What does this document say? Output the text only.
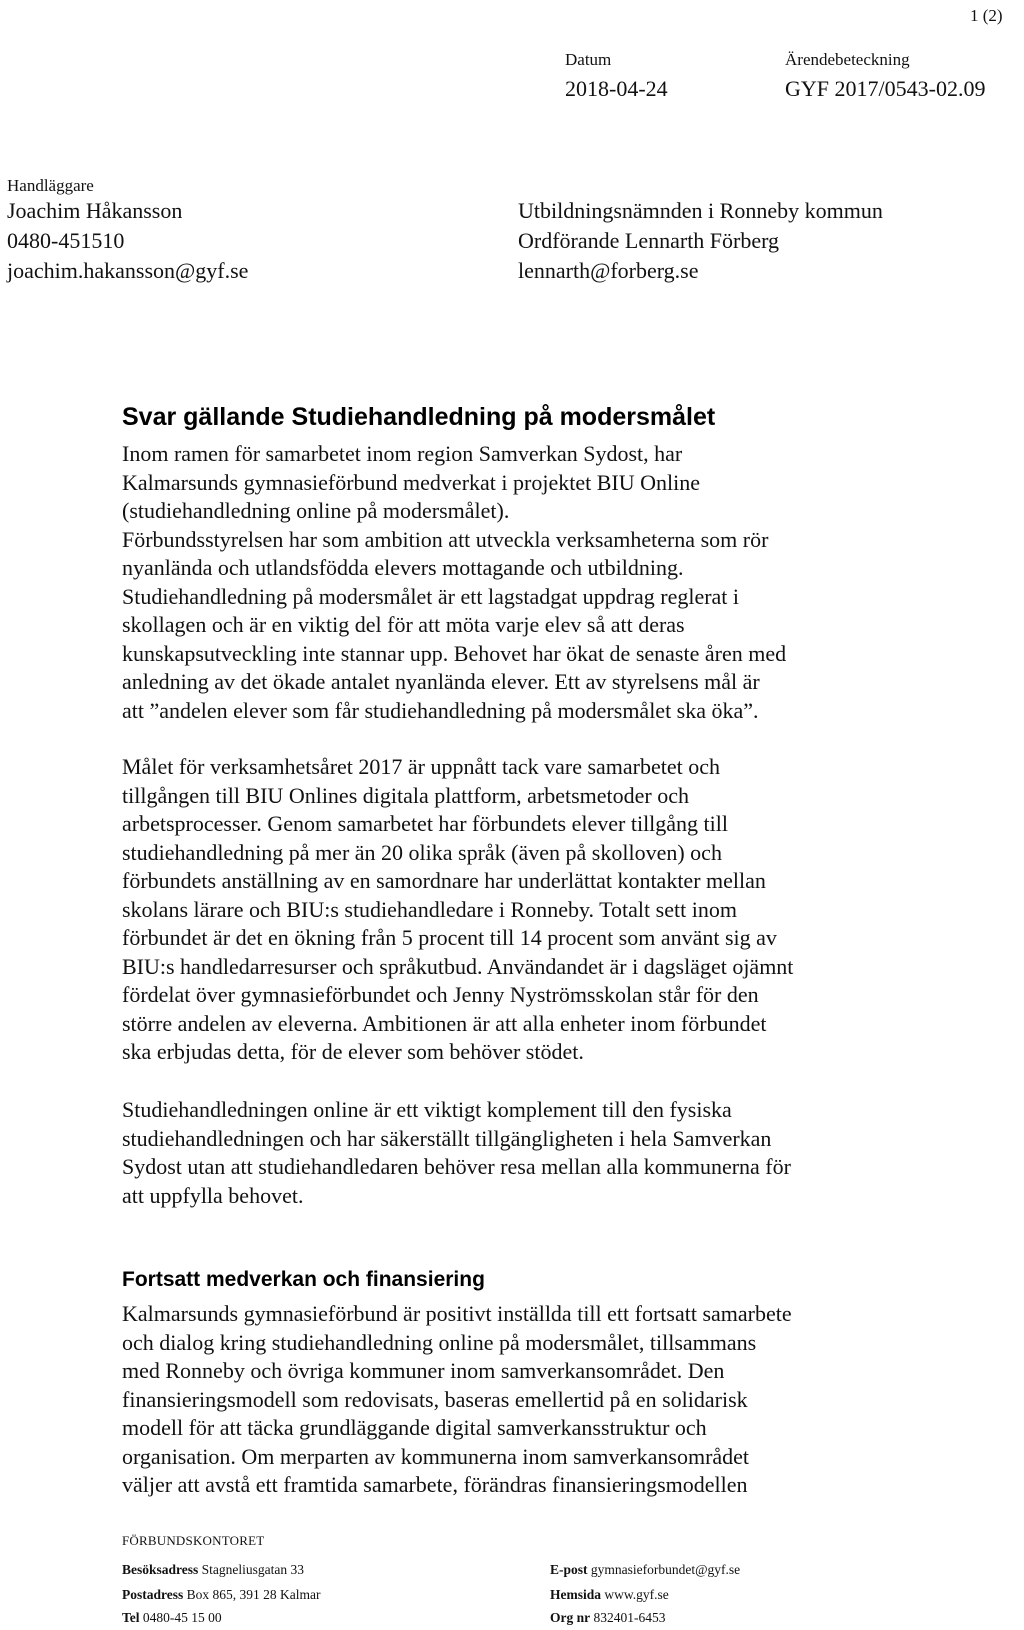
1 (2)
Datum
2018-04-24
Ärendebeteckning
GYF 2017/0543-02.09
Handläggare
Joachim Håkansson
0480-451510
joachim.hakansson@gyf.se
Utbildningsnämnden i Ronneby kommun
Ordförande Lennarth Förberg
lennarth@forberg.se
Svar gällande Studiehandledning på modersmålet
Inom ramen för samarbetet inom region Samverkan Sydost, har
Kalmarsunds gymnasieförbund medverkat i projektet BIU Online
(studiehandledning online på modersmålet).
Förbundsstyrelsen har som ambition att utveckla verksamheterna som rör
nyanlända och utlandsfödda elevers mottagande och utbildning.
Studiehandledning på modersmålet är ett lagstadgat uppdrag reglerat i
skollagen och är en viktig del för att möta varje elev så att deras
kunskapsutveckling inte stannar upp. Behovet har ökat de senaste åren med
anledning av det ökade antalet nyanlända elever. Ett av styrelsens mål är
att ”andelen elever som får studiehandledning på modersmålet ska öka”.
Målet för verksamhetsåret 2017 är uppnått tack vare samarbetet och
tillgången till BIU Onlines digitala plattform, arbetsmetoder och
arbetsprocesser. Genom samarbetet har förbundets elever tillgång till
studiehandledning på mer än 20 olika språk (även på skolloven) och
förbundets anställning av en samordnare har underlättat kontakter mellan
skolans lärare och BIU:s studiehandledare i Ronneby. Totalt sett inom
förbundet är det en ökning från 5 procent till 14 procent som använt sig av
BIU:s handledarresurser och språkutbud. Användandet är i dagsläget ojämnt
fördelat över gymnasieförbundet och Jenny Nyströmsskolan står för den
större andelen av eleverna. Ambitionen är att alla enheter inom förbundet
ska erbjudas detta, för de elever som behöver stödet.
Studiehandledningen online är ett viktigt komplement till den fysiska
studiehandledningen och har säkerställt tillgängligheten i hela Samverkan
Sydost utan att studiehandledaren behöver resa mellan alla kommunerna för
att uppfylla behovet.
Fortsatt medverkan och finansiering
Kalmarsunds gymnasieförbund är positivt inställda till ett fortsatt samarbete
och dialog kring studiehandledning online på modersmålet, tillsammans
med Ronneby och övriga kommuner inom samverkansområdet. Den
finansieringsmodell som redovisats, baseras emellertid på en solidarisk
modell för att täcka grundläggande digital samverkansstruktur och
organisation. Om merparten av kommunerna inom samverkansområdet
väljer att avstå ett framtida samarbete, förändras finansieringsmodellen
FÖRBUNDSKONTORET
Besöksadress Stagneliusgatan 33
Postadress Box 865, 391 28 Kalmar
Tel 0480-45 15 00
E-post gymnasieforbundet@gyf.se
Hemsida www.gyf.se
Org nr 832401-6453
